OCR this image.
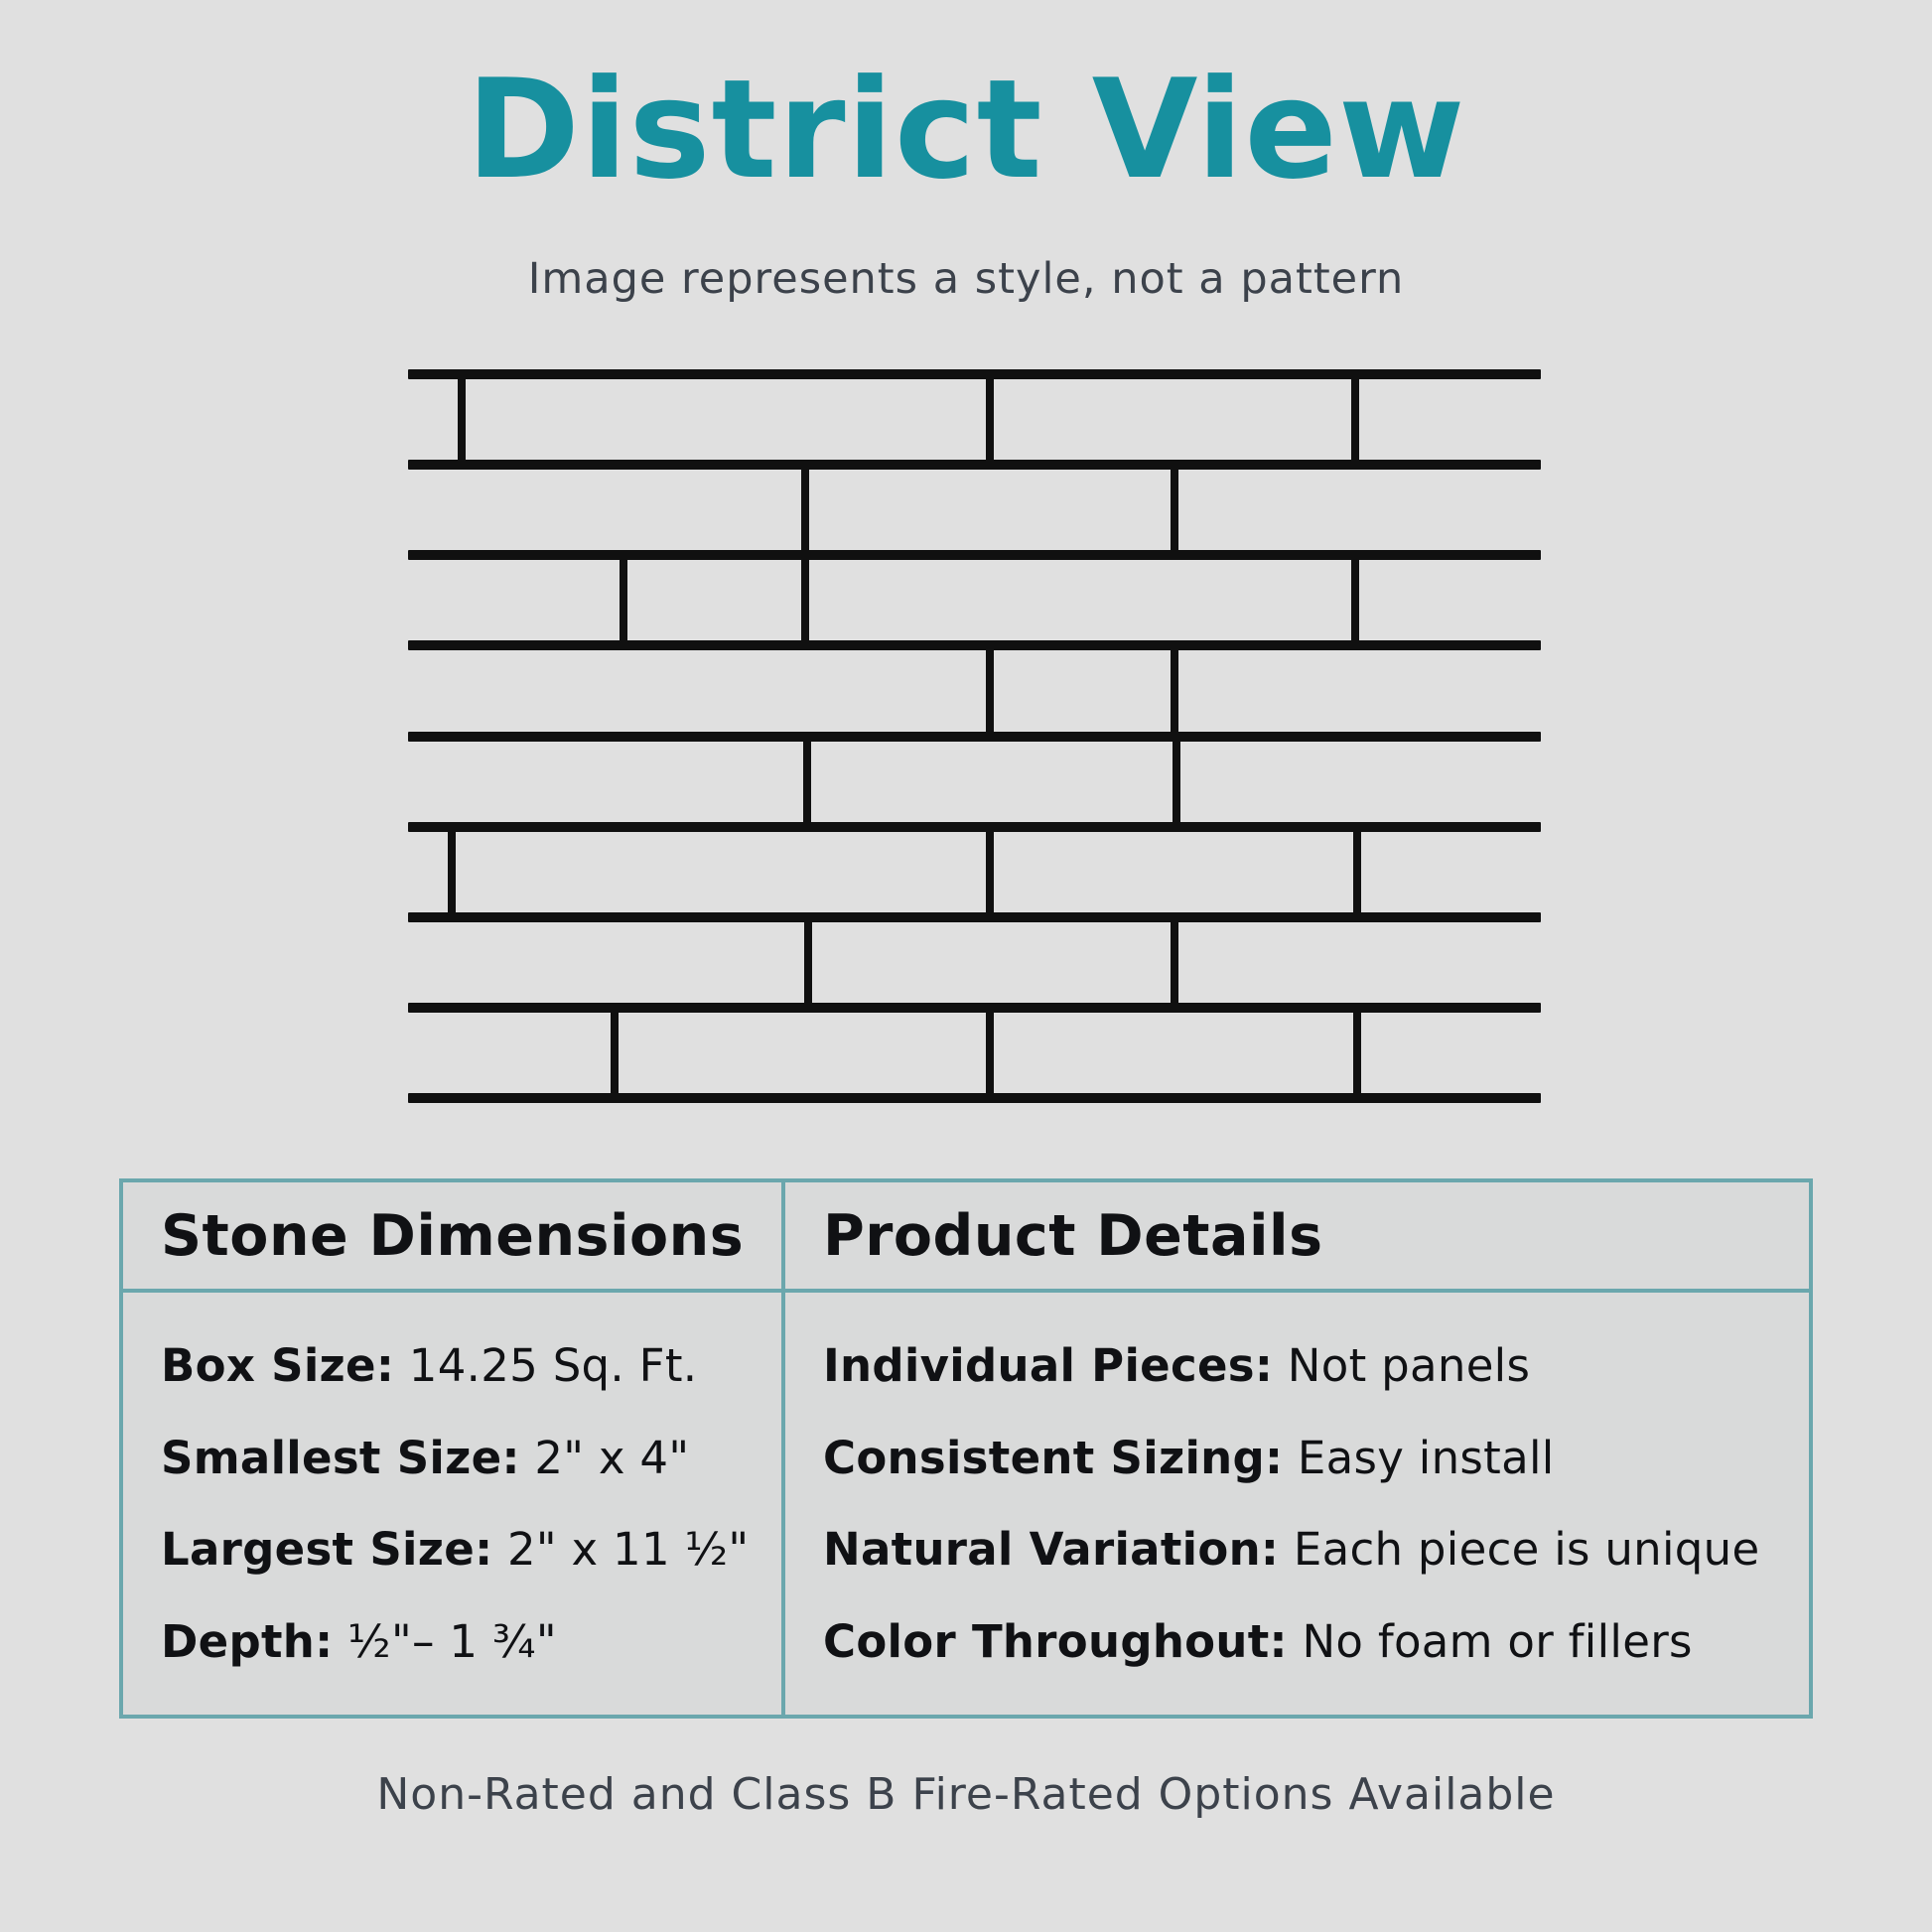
District View
Image represents a style, not a pattern
Stone Dimensions	Product Details
Box Size: 14.25 Sq. Ft.
Smallest Size: 2" x 4"
Largest Size: 2" x 11 ½"
Depth: ½"– 1 ¾"
Individual Pieces: Not panels
Consistent Sizing: Easy install
Natural Variation: Each piece is unique
Color Throughout: No foam or fillers
Non-Rated and Class B Fire-Rated Options Available
